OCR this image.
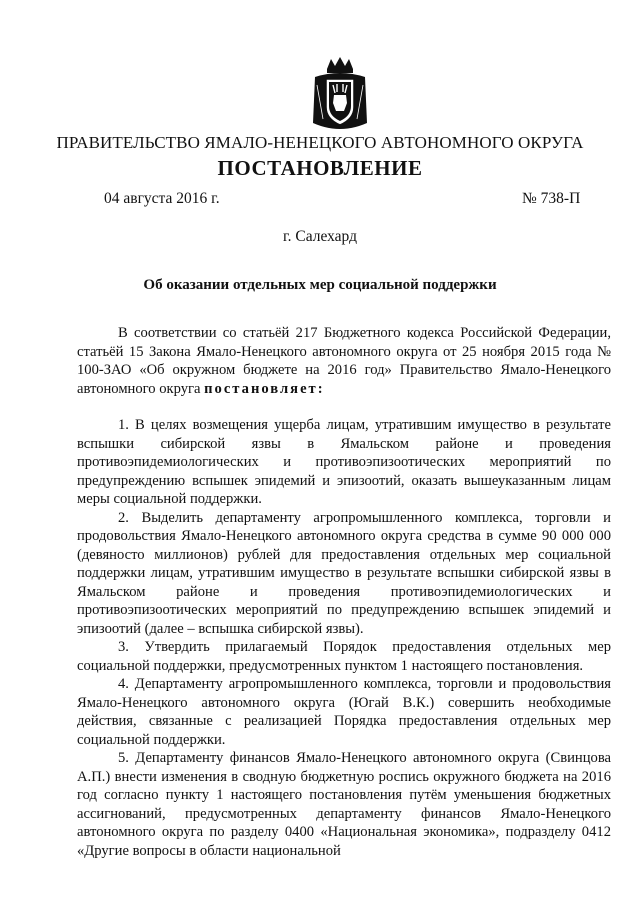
ПРАВИТЕЛЬСТВО ЯМАЛО-НЕНЕЦКОГО АВТОНОМНОГО ОКРУГА
ПОСТАНОВЛЕНИЕ
04 августа 2016 г.	№ 738-П
г. Салехард
Об оказании отдельных мер социальной поддержки

В соответствии со статьёй 217 Бюджетного кодекса Российской Федерации, статьёй 15 Закона Ямало-Ненецкого автономного округа от 25 ноября 2015 года № 100-ЗАО «Об окружном бюджете на 2016 год» Правительство Ямало-Ненецкого автономного округа постановляет:

1. В целях возмещения ущерба лицам, утратившим имущество в результате вспышки сибирской язвы в Ямальском районе и проведения противоэпидемиологических и противоэпизоотических мероприятий по предупреждению вспышек эпидемий и эпизоотий, оказать вышеуказанным лицам меры социальной поддержки.

2. Выделить департаменту агропромышленного комплекса, торговли и продовольствия Ямало-Ненецкого автономного округа средства в сумме 90 000 000 (девяносто миллионов) рублей для предоставления отдельных мер социальной поддержки лицам, утратившим имущество в результате вспышки сибирской язвы в Ямальском районе и проведения противоэпидемиологических и противоэпизоотических мероприятий по предупреждению вспышек эпидемий и эпизоотий (далее – вспышка сибирской язвы).

3. Утвердить прилагаемый Порядок предоставления отдельных мер социальной поддержки, предусмотренных пунктом 1 настоящего постановления.

4. Департаменту агропромышленного комплекса, торговли и продовольствия Ямало-Ненецкого автономного округа (Югай В.К.) совершить необходимые действия, связанные с реализацией Порядка предоставления отдельных мер социальной поддержки.

5. Департаменту финансов Ямало-Ненецкого автономного округа (Свинцова А.П.) внести изменения в сводную бюджетную роспись окружного бюджета на 2016 год согласно пункту 1 настоящего постановления путём уменьшения бюджетных ассигнований, предусмотренных департаменту финансов Ямало-Ненецкого автономного округа по разделу 0400 «Национальная экономика», подразделу 0412 «Другие вопросы в области национальной
